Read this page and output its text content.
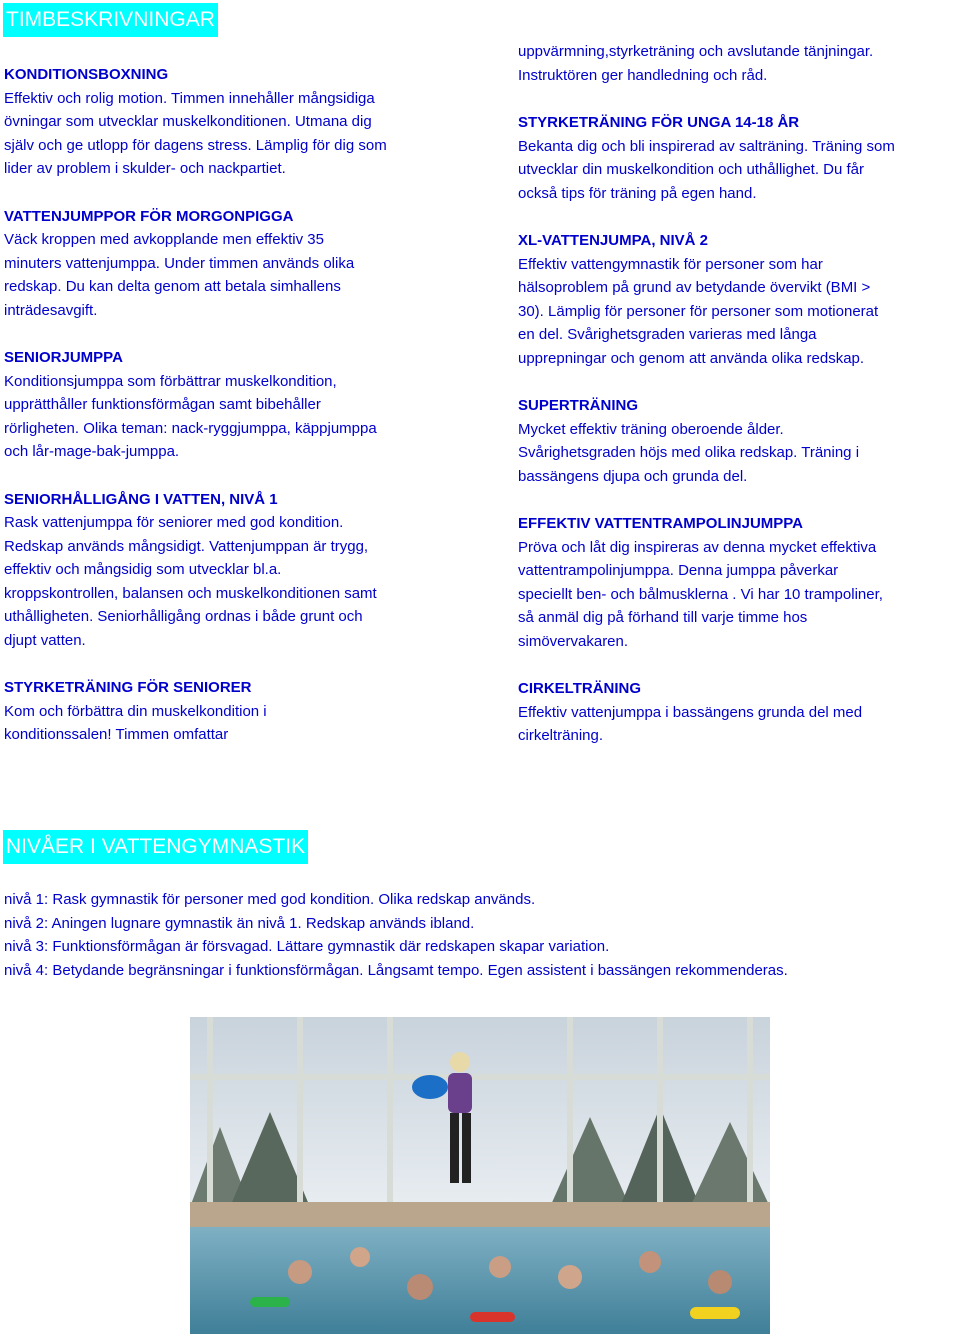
TIMBESKRIVNINGAR
KONDITIONSBOXNING
Effektiv och rolig motion. Timmen innehåller mångsidiga
övningar som utvecklar muskelkonditionen. Utmana dig
själv och ge utlopp för dagens stress. Lämplig för dig som
lider av problem i skulder- och nackpartiet.
VATTENJUMPPOR FÖR MORGONPIGGA
Väck kroppen med avkopplande men effektiv 35
minuters vattenjumppa. Under timmen används olika
redskap. Du kan delta genom att betala simhallens
inträdesavgift.
SENIORJUMPPA
Konditionsjumppa som förbättrar muskelkondition,
upprätthåller funktionsförmågan samt bibehåller
rörligheten. Olika teman: nack-ryggjumppa, käppjumppa
och lår-mage-bak-jumppa.
SENIORHÅLLIGÅNG I VATTEN, NIVÅ 1
Rask vattenjumppa för seniorer med god kondition.
Redskap används mångsidigt. Vattenjumppan är trygg,
effektiv och mångsidig som utvecklar bl.a.
kroppskontrollen, balansen och muskelkonditionen samt
uthålligheten. Seniorhålligång ordnas i både grunt och
djupt vatten.
STYRKETRÄNING FÖR SENIORER
Kom och förbättra din muskelkondition i
konditionssalen! Timmen omfattar
uppvärmning,styrketräning och avslutande tänjningar.
Instruktören ger handledning och råd.
STYRKETRÄNING FÖR UNGA 14-18 ÅR
Bekanta dig och bli inspirerad av salträning. Träning som
utvecklar din muskelkondition och uthållighet. Du får
också tips för träning på egen hand.
XL-VATTENJUMPA, NIVÅ 2
Effektiv vattengymnastik för personer som har
hälsoproblem på grund av betydande övervikt (BMI >
30). Lämplig för personer för personer som motionerat
en del. Svårighetsgraden varieras med långa
upprepningar och genom att använda olika redskap.
SUPERTRÄNING
Mycket effektiv träning oberoende ålder.
Svårighetsgraden höjs med olika redskap. Träning i
bassängens djupa och grunda del.
EFFEKTIV VATTENTRAMPOLINJUMPPA
Pröva och låt dig inspireras av denna mycket effektiva
vattentrampolinjumppa. Denna jumppa påverkar
speciellt ben- och bålmusklerna . Vi har 10 trampoliner,
så anmäl dig på förhand till varje timme hos
simövervakaren.
CIRKELTRÄNING
Effektiv vattenjumppa i bassängens grunda del med
cirkelträning.
NIVÅER I VATTENGYMNASTIK
nivå 1: Rask gymnastik för personer med god kondition. Olika redskap används.
nivå 2: Aningen lugnare gymnastik än nivå 1. Redskap används ibland.
nivå 3: Funktionsförmågan är försvagad. Lättare gymnastik där redskapen skapar variation.
nivå 4: Betydande begränsningar i funktionsförmågan. Långsamt tempo. Egen assistent i bassängen rekommenderas.
